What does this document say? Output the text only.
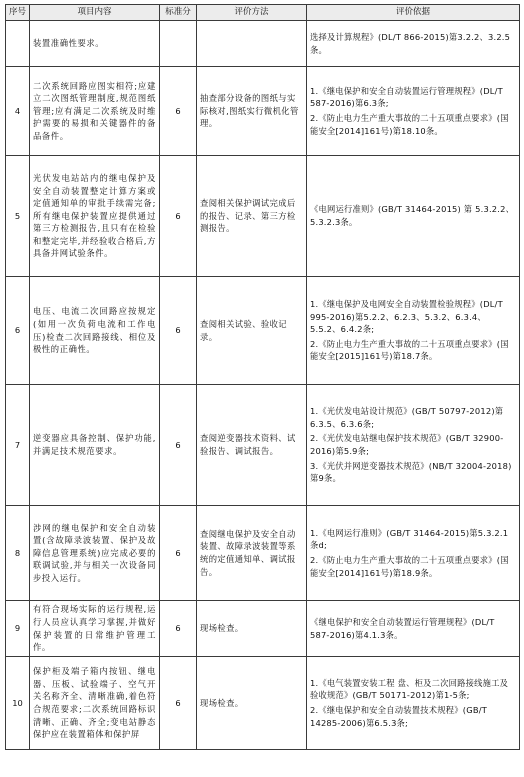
序号	项目内容	标准分	评价方法	评价依据

	装置准确性要求。			选择及计算规程》(DL/T 866-2015)第3.2.2、3.2.5条。

4	二次系统回路应图实相符;应建立二次图纸管理制度,规范图纸管理;应有满足二次系统及时维护需要的易损和关键器件的备品备件。	6	抽查部分设备的图纸与实际核对,图纸实行微机化管理。	1.《继电保护和安全自动装置运行管理规程》(DL/T 587-2016)第6.3条;
2.《防止电力生产重大事故的二十五项重点要求》(国能安全[2014]161号)第18.10条。

5	光伏发电站站内的继电保护及安全自动装置整定计算方案或定值通知单的审批手续需完备;所有继电保护装置应提供通过第三方检测报告,且只有在检验和整定完毕,并经验收合格后,方具备并网试验条件。	6	查阅相关保护调试完成后的报告、记录、第三方检测报告。	《电网运行准则》(GB/T 31464-2015) 第 5.3.2.2、5.3.2.3条。

6	电压、电流二次回路应按规定(如用一次负荷电流和工作电压)检查二次回路接线、相位及极性的正确性。	6	查阅相关试验、验收记录。	1.《继电保护及电网安全自动装置检验规程》(DL/T 995-2016)第5.2.2、6.2.3、5.3.2、6.3.4、5.5.2、6.4.2条;
2.《防止电力生产重大事故的二十五项重点要求》(国能安全[2015]161号)第18.7条。

7	逆变器应具备控制、保护功能,并满足技术规范要求。	6	查阅逆变器技术资料、试验报告、调试报告。	1.《光伏发电站设计规范》(GB/T 50797-2012)第6.3.5、6.3.6条;
2.《光伏发电站继电保护技术规范》(GB/T 32900-2016)第5.9条;
3.《光伏并网逆变器技术规范》(NB/T 32004-2018)第9条。

8	涉网的继电保护和安全自动装置(含故障录波装置、保护及故障信息管理系统)应完成必要的联调试验,并与相关一次设备同步投入运行。	6	查阅继电保护及安全自动装置、故障录波装置等系统的定值通知单、调试报告。	1.《电网运行准则》(GB/T 31464-2015)第5.3.2.1条d;
2.《防止电力生产重大事故的二十五项重点要求》(国能安全[2014]161号)第18.9条。

9	有符合现场实际的运行规程,运行人员应认真学习掌握,并做好保护装置的日常维护管理工作。	6	现场检查。	《继电保护和安全自动装置运行管理规程》(DL/T 587-2016)第4.1.3条。

10	保护柜及端子箱内按钮、继电器、压板、试验端子、空气开关名称齐全、清晰准确,着色符合规范要求;二次系统回路标识清晰、正确、齐全;变电站静态保护应在装置箱体和保护屏	6	现场检查。	1.《电气装置安装工程 盘、柜及二次回路接线施工及验收规范》(GB/T 50171-2012)第1-5条;
2.《继电保护和安全自动装置技术规程》(GB/T 14285-2006)第6.5.3条;
